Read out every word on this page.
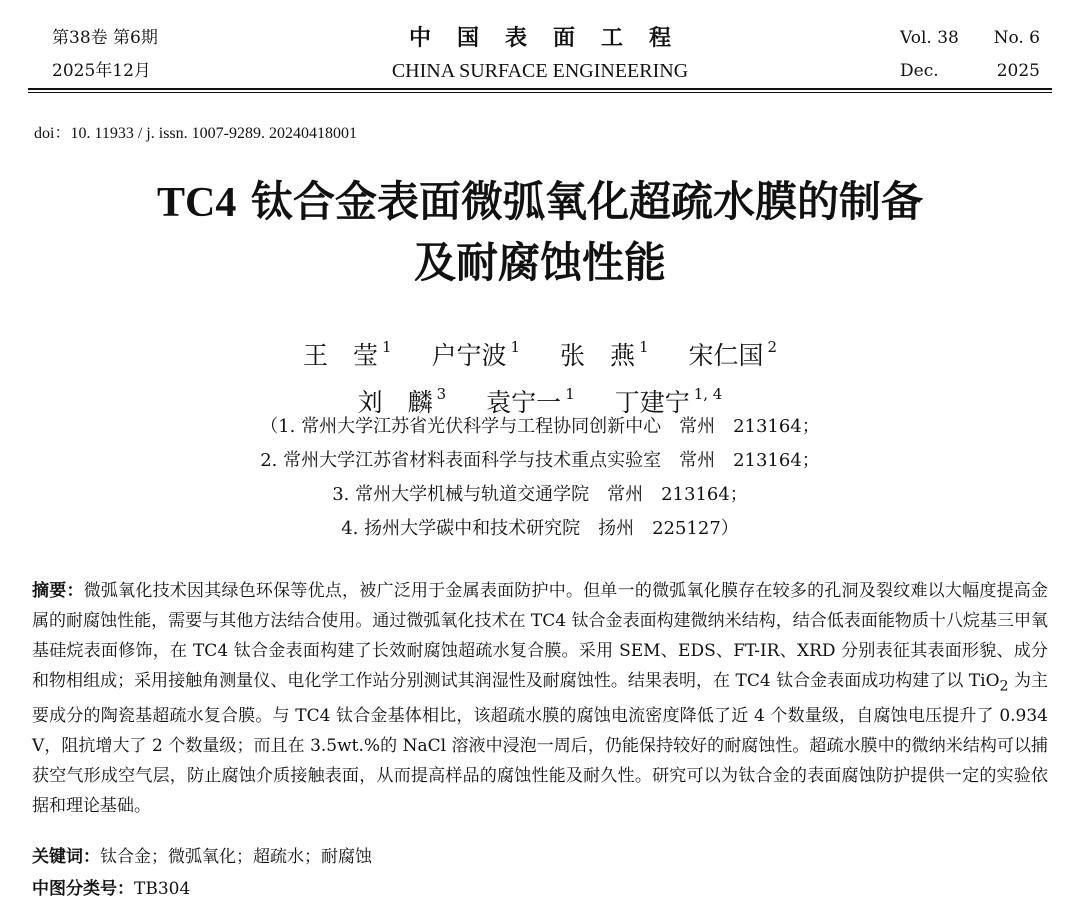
第38卷 第6期
2025年12月
中国表面工程
CHINA SURFACE ENGINEERING
Vol. 38 No. 6
Dec.	2025
doi：10. 11933 / j. issn. 1007-9289. 20240418001
TC4 钛合金表面微弧氧化超疏水膜的制备
及耐腐蚀性能
王　莹 $^1$ 户宁波 $^1$ 张　燕 $^1$ 宋仁国 $^2$
刘　麟 $^3$ 袁宁一 $^1$ 丁建宁 $^{1, 4}$
（1. 常州大学江苏省光伏科学与工程协同创新中心　常州　213164；
2. 常州大学江苏省材料表面科学与技术重点实验室　常州　213164；
3. 常州大学机械与轨道交通学院　常州　213164；
4. 扬州大学碳中和技术研究院　扬州　225127）
摘要：微弧氧化技术因其绿色环保等优点，被广泛用于金属表面防护中。但单一的微弧氧化膜存在较多的孔洞及裂纹难以大幅度提高金属的耐腐蚀性能，需要与其他方法结合使用。通过微弧氧化技术在 TC4 钛合金表面构建微纳米结构，结合低表面能物质十八烷基三甲氧基硅烷表面修饰，在 TC4 钛合金表面构建了长效耐腐蚀超疏水复合膜。采用 SEM、EDS、FT-IR、XRD 分别表征其表面形貌、成分和物相组成；采用接触角测量仪、电化学工作站分别测试其润湿性及耐腐蚀性。结果表明，在 TC4 钛合金表面成功构建了以 TiO$_2$ 为主要成分的陶瓷基超疏水复合膜。与 TC4 钛合金基体相比，该超疏水膜的腐蚀电流密度降低了近 4 个数量级，自腐蚀电压提升了 0.934 V，阻抗增大了 2 个数量级；而且在 3.5wt.%的 NaCl 溶液中浸泡一周后，仍能保持较好的耐腐蚀性。超疏水膜中的微纳米结构可以捕获空气形成空气层，防止腐蚀介质接触表面，从而提高样品的腐蚀性能及耐久性。研究可以为钛合金的表面腐蚀防护提供一定的实验依据和理论基础。
关键词：钛合金；微弧氧化；超疏水；耐腐蚀
中图分类号：TB304
